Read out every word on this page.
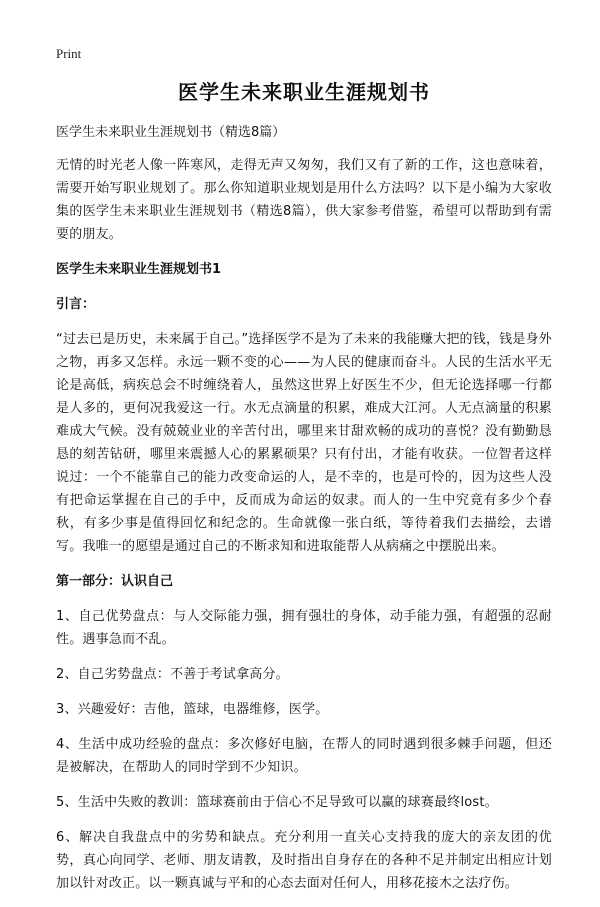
Print
医学生未来职业生涯规划书
医学生未来职业生涯规划书（精选8篇）

无情的时光老人像一阵寒风，走得无声又匆匆，我们又有了新的工作，这也意味着，需要开始写职业规划了。那么你知道职业规划是用什么方法吗？以下是小编为大家收集的医学生未来职业生涯规划书（精选8篇），供大家参考借鉴，希望可以帮助到有需要的朋友。

医学生未来职业生涯规划书1
引言：

“过去已是历史，未来属于自己。”选择医学不是为了未来的我能赚大把的钱，钱是身外之物，再多又怎样。永远一颗不变的心——为人民的健康而奋斗。人民的生活水平无论是高低，病疾总会不时缠绕着人，虽然这世界上好医生不少，但无论选择哪一行都是人多的，更何况我爱这一行。水无点滴量的积累，难成大江河。人无点滴量的积累难成大气候。没有兢兢业业的辛苦付出，哪里来甘甜欢畅的成功的喜悦？没有勤勤恳恳的刻苦钻研，哪里来震撼人心的累累硕果？只有付出，才能有收获。一位智者这样说过：一个不能靠自己的能力改变命运的人，是不幸的，也是可怜的，因为这些人没有把命运掌握在自己的手中，反而成为命运的奴隶。而人的一生中究竟有多少个春秋，有多少事是值得回忆和纪念的。生命就像一张白纸，等待着我们去描绘，去谱写。我唯一的愿望是通过自己的不断求知和进取能帮人从病痛之中摆脱出来。

第一部分：认识自己

1、自己优势盘点：与人交际能力强，拥有强壮的身体，动手能力强，有超强的忍耐性。遇事急而不乱。

2、自己劣势盘点：不善于考试拿高分。

3、兴趣爱好：吉他，篮球，电器维修，医学。

4、生活中成功经验的盘点：多次修好电脑，在帮人的同时遇到很多棘手问题，但还是被解决，在帮助人的同时学到不少知识。

5、生活中失败的教训：篮球赛前由于信心不足导致可以赢的球赛最终lost。

6、解决自我盘点中的劣势和缺点。充分利用一直关心支持我的庞大的亲友团的优势，真心向同学、老师、朋友请教，及时指出自身存在的各种不足并制定出相应计划加以针对改正。以一颗真诚与平和的心态去面对任何人，用移花接木之法疗伤。
